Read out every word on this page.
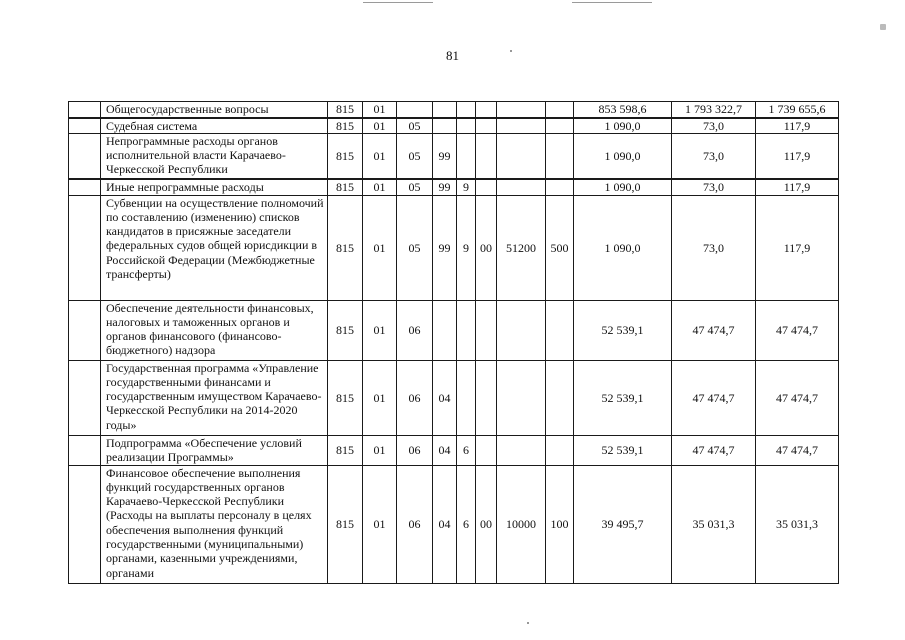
81
	Общегосударственные вопросы	815	01							853 598,6	1 793 322,7	1 739 655,6
	Судебная система	815	01	05						1 090,0	73,0	117,9
	Непрограммные расходы органов исполнительной власти Карачаево-Черкесской Республики	815	01	05	99					1 090,0	73,0	117,9
	Иные непрограммные расходы	815	01	05	99	9				1 090,0	73,0	117,9
	Субвенции на осуществление полномочий по составлению (изменению) списков кандидатов в присяжные заседатели федеральных судов общей юрисдикции в Российской Федерации (Межбюджетные трансферты)	815	01	05	99	9	00	51200	500	1 090,0	73,0	117,9
	Обеспечение деятельности финансовых, налоговых и таможенных органов и органов финансового (финансово-бюджетного) надзора	815	01	06						52 539,1	47 474,7	47 474,7
	Государственная программа «Управление государственными финансами и государственным имуществом Карачаево-Черкесской Республики на 2014-2020 годы»	815	01	06	04					52 539,1	47 474,7	47 474,7
	Подпрограмма «Обеспечение условий реализации Программы»	815	01	06	04	6				52 539,1	47 474,7	47 474,7
	Финансовое обеспечение выполнения функций государственных органов Карачаево-Черкесской Республики (Расходы на выплаты персоналу в целях обеспечения выполнения функций государственными (муниципальными) органами, казенными учреждениями, органами	815	01	06	04	6	00	10000	100	39 495,7	35 031,3	35 031,3
